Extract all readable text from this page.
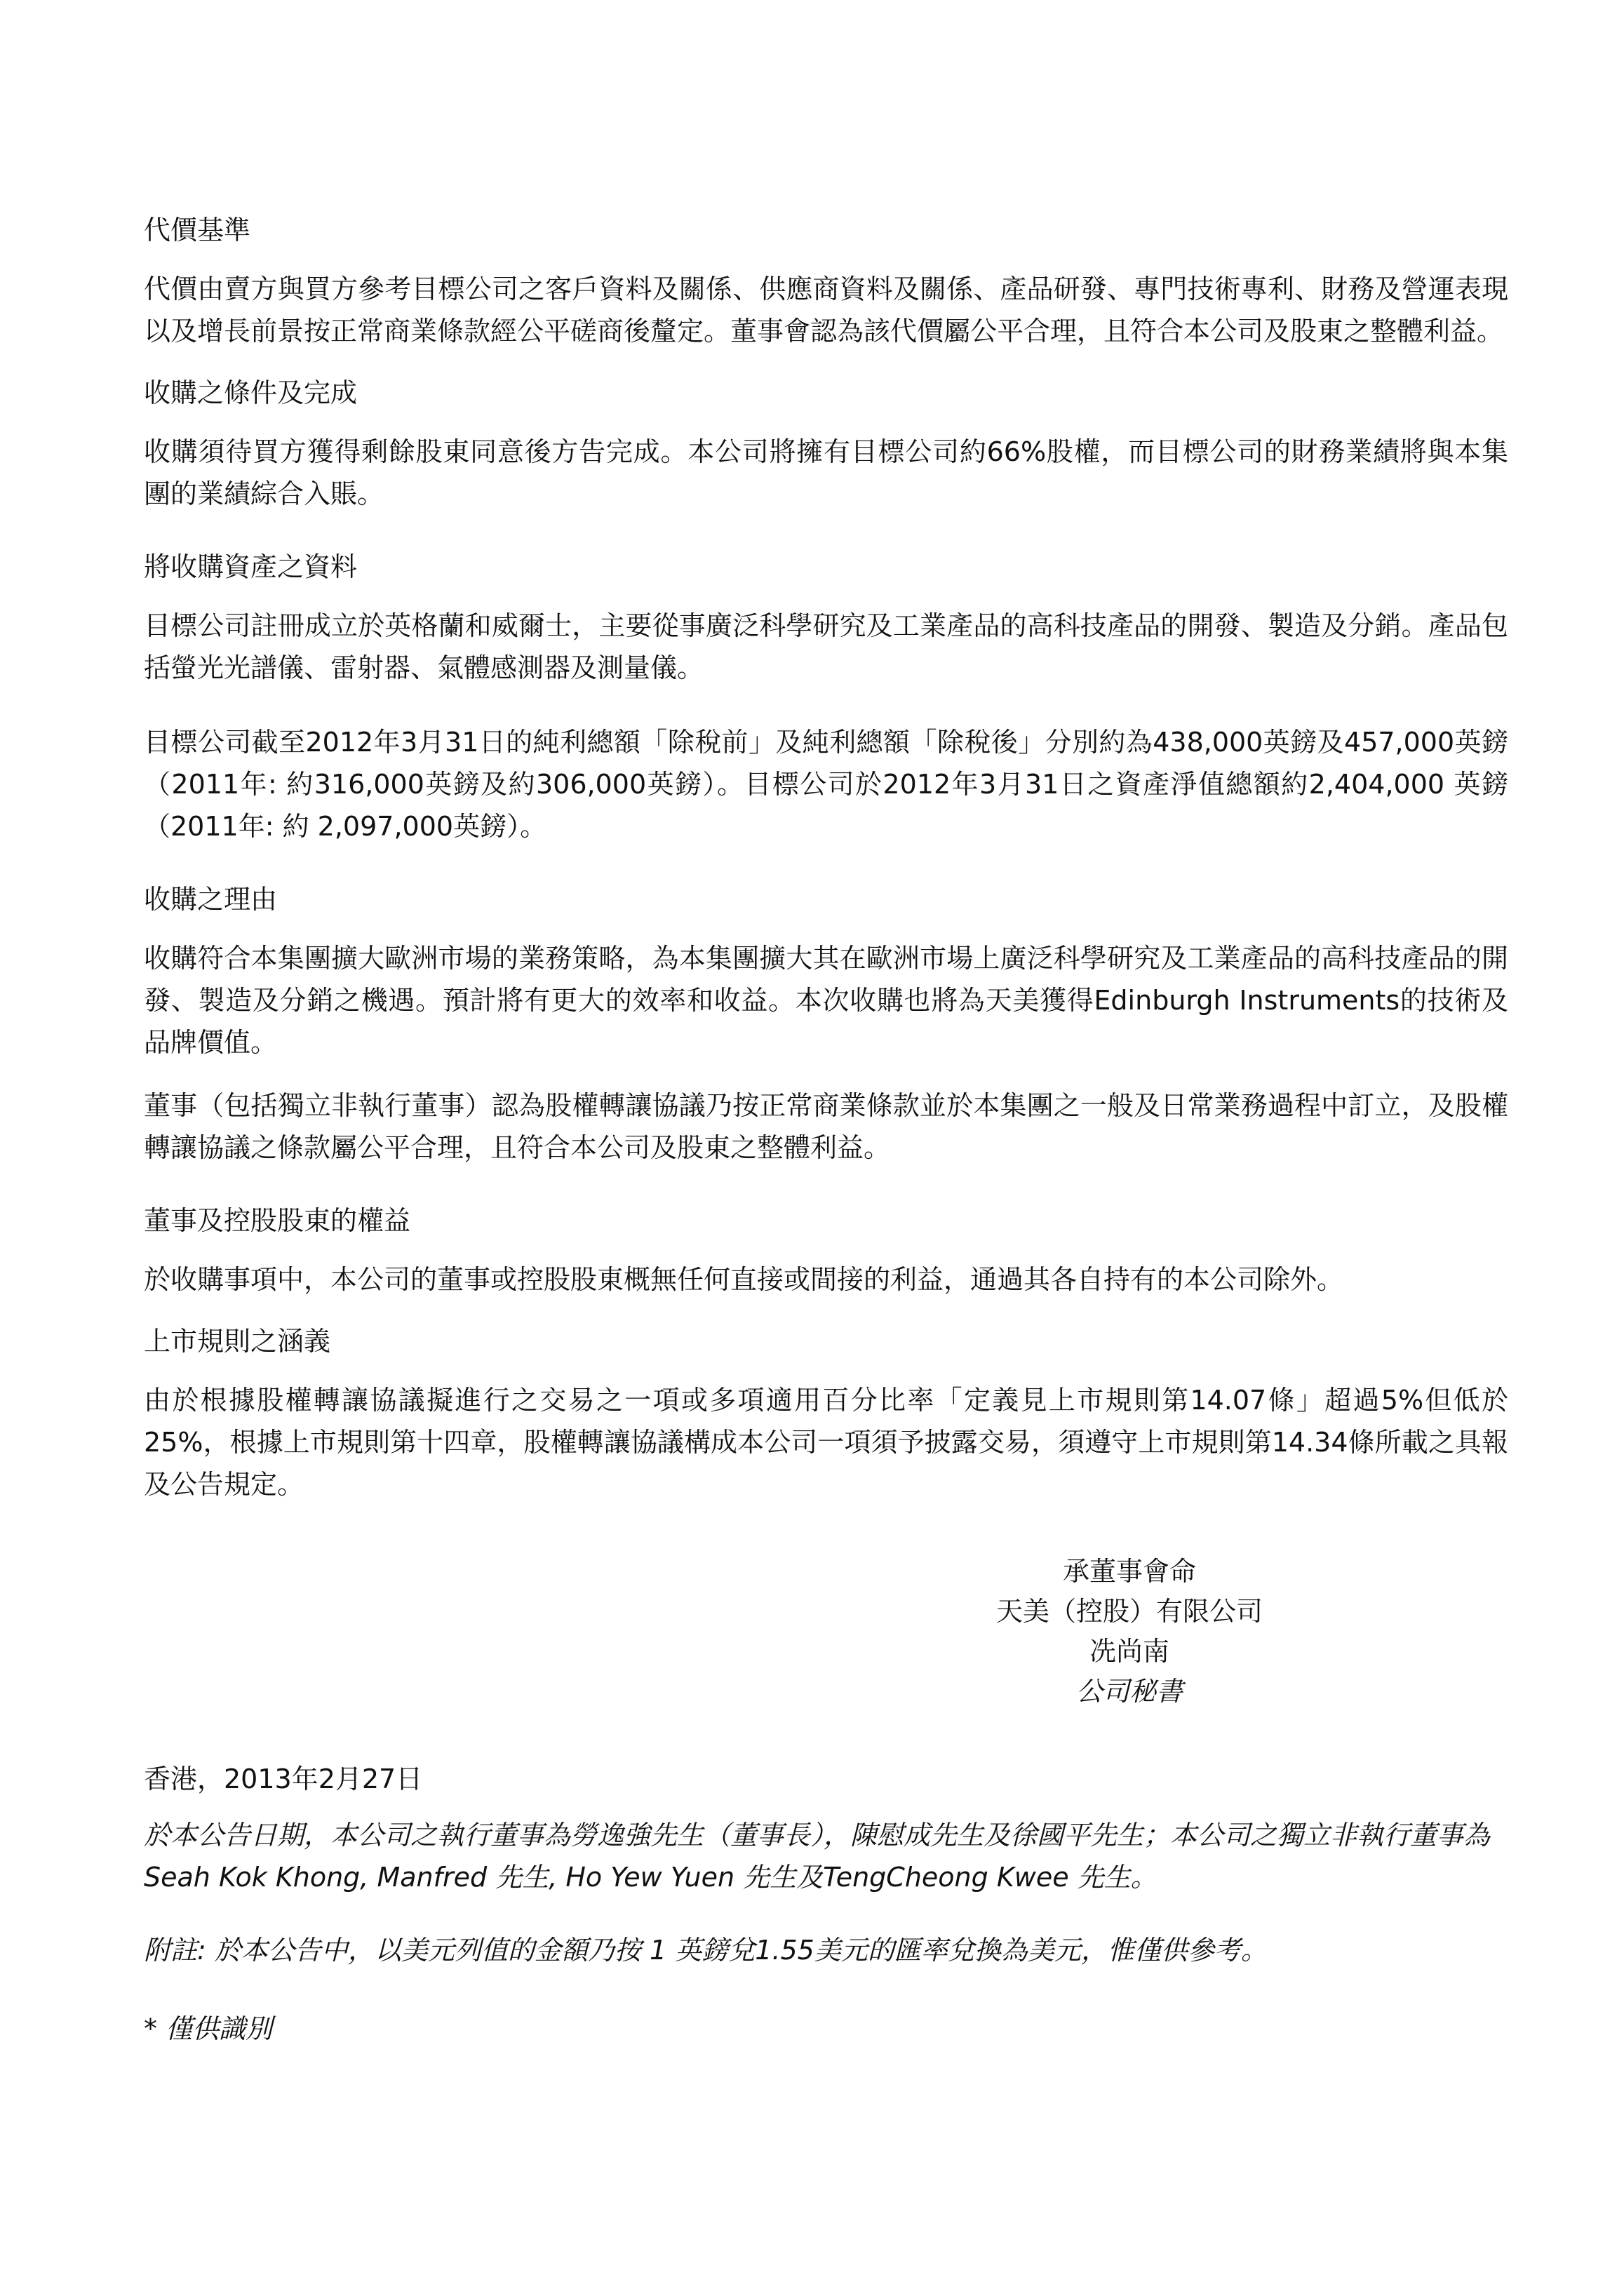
代價基準

代價由賣方與買方參考目標公司之客戶資料及關係、供應商資料及關係、產品研發、專門技術專利、財務及營運表現以及增長前景按正常商業條款經公平磋商後釐定。董事會認為該代價屬公平合理，且符合本公司及股東之整體利益。

收購之條件及完成

收購須待買方獲得剩餘股東同意後方告完成。本公司將擁有目標公司約66%股權，而目標公司的財務業績將與本集團的業績綜合入賬。

將收購資產之資料

目標公司註冊成立於英格蘭和威爾士，主要從事廣泛科學研究及工業產品的高科技產品的開發、製造及分銷。產品包括螢光光譜儀、雷射器、氣體感測器及測量儀。

目標公司截至2012年3月31日的純利總額「除稅前」及純利總額「除稅後」分別約為438,000英鎊及457,000英鎊（2011年: 約316,000英鎊及約306,000英鎊）。目標公司於2012年3月31日之資產淨值總額約2,404,000 英鎊（2011年: 約 2,097,000英鎊）。

收購之理由

收購符合本集團擴大歐洲市場的業務策略，為本集團擴大其在歐洲市場上廣泛科學研究及工業產品的高科技產品的開發、製造及分銷之機遇。預計將有更大的效率和收益。本次收購也將為天美獲得Edinburgh Instruments的技術及品牌價值。

董事（包括獨立非執行董事）認為股權轉讓協議乃按正常商業條款並於本集團之一般及日常業務過程中訂立，及股權轉讓協議之條款屬公平合理，且符合本公司及股東之整體利益。

董事及控股股東的權益

於收購事項中，本公司的董事或控股股東概無任何直接或間接的利益，通過其各自持有的本公司除外。

上市規則之涵義

由於根據股權轉讓協議擬進行之交易之一項或多項適用百分比率「定義見上市規則第14.07條」超過5%但低於25%，根據上市規則第十四章，股權轉讓協議構成本公司一項須予披露交易，須遵守上市規則第14.34條所載之具報及公告規定。

承董事會命
天美（控股）有限公司
冼尚南
公司秘書
香港，2013年2月27日
於本公告日期，本公司之執行董事為勞逸強先生（董事長），陳慰成先生及徐國平先生；本公司之獨立非執行董事為Seah Kok Khong, Manfred 先生, Ho Yew Yuen 先生及TengCheong Kwee 先生。
附註: 於本公告中，以美元列值的金額乃按 1 英鎊兌1.55美元的匯率兌換為美元，惟僅供參考。
* 僅供識別
